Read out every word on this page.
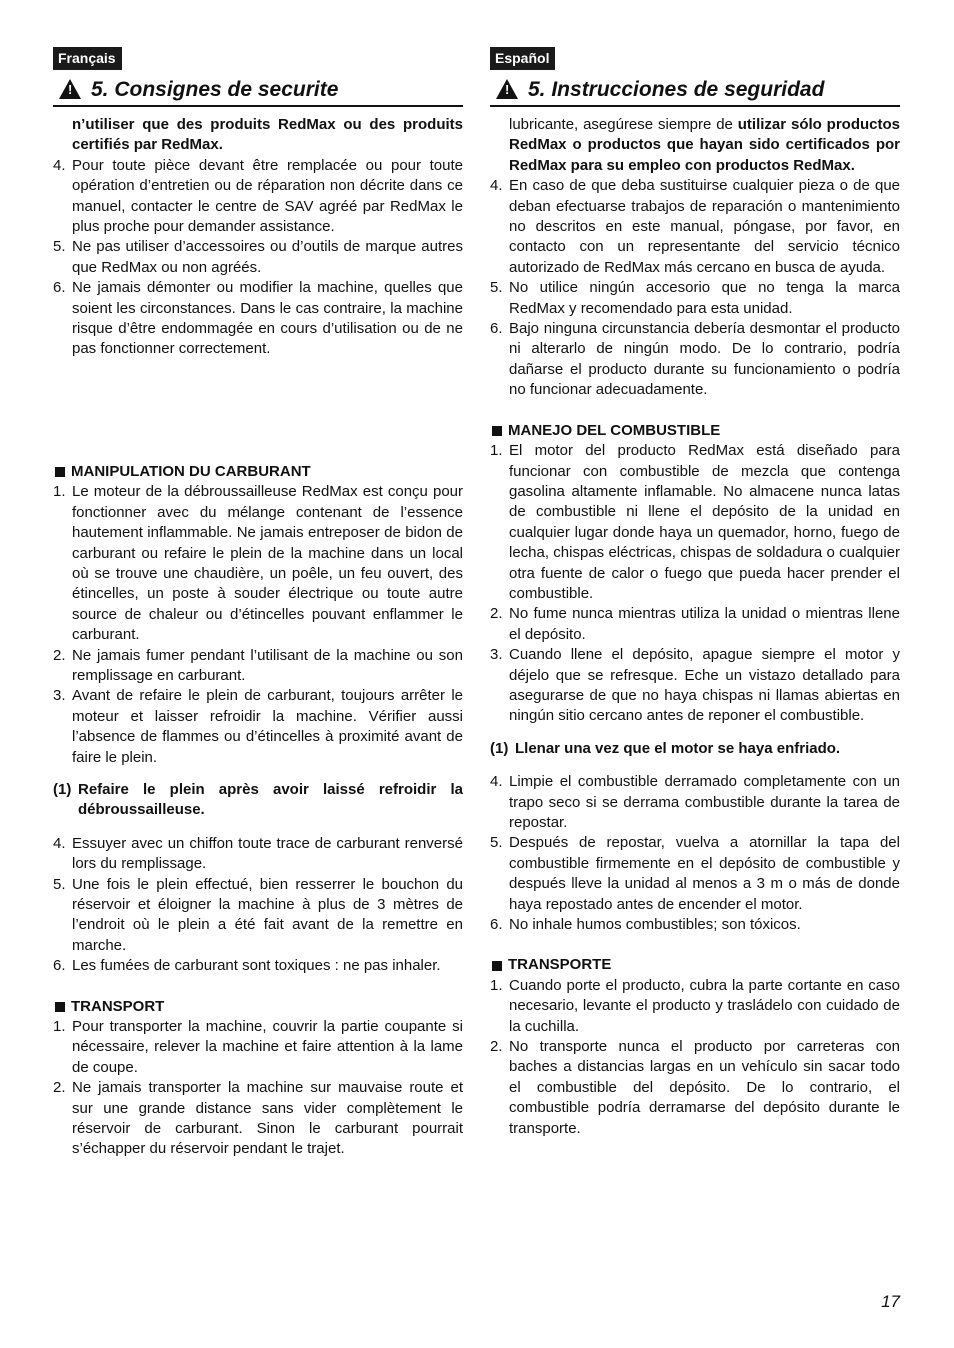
Français
!
5. Consignes de securite
n’utiliser que des produits RedMax ou des produits certifiés par RedMax.
4. Pour toute pièce devant être remplacée ou pour toute opération d’entretien ou de réparation non décrite dans ce manuel, contacter le centre de SAV agréé par RedMax le plus proche pour demander assistance.
5. Ne pas utiliser d’accessoires ou d’outils de marque autres que RedMax ou non agréés.
6. Ne jamais démonter ou modifier la machine, quelles que soient les circonstances. Dans le cas contraire, la machine risque d’être endommagée en cours d’utilisation ou de ne pas fonctionner correctement.
MANIPULATION DU CARBURANT
1. Le moteur de la débroussailleuse RedMax est conçu pour fonctionner avec du mélange contenant de l’essence hautement inflammable. Ne jamais entreposer de bidon de carburant ou refaire le plein de la machine dans un local où se trouve une chaudière, un poêle, un feu ouvert, des étincelles, un poste à souder électrique ou toute autre source de chaleur ou d’étincelles pouvant enflammer le carburant.
2. Ne jamais fumer pendant l’utilisant de la machine ou son remplissage en carburant.
3. Avant de refaire le plein de carburant, toujours arrêter le moteur et laisser refroidir la machine. Vérifier aussi l’absence de flammes ou d’étincelles à proximité avant de faire le plein.
(1) Refaire le plein après avoir laissé refroidir la débroussailleuse.
4. Essuyer avec un chiffon toute trace de carburant renversé lors du remplissage.
5. Une fois le plein effectué, bien resserrer le bouchon du réservoir et éloigner la machine à plus de 3 mètres de l’endroit où le plein a été fait avant de la remettre en marche.
6. Les fumées de carburant sont toxiques : ne pas inhaler.
TRANSPORT
1. Pour transporter la machine, couvrir la partie coupante si nécessaire, relever la machine et faire attention à la lame de coupe.
2. Ne jamais transporter la machine sur mauvaise route et sur une grande distance sans vider complètement le réservoir de carburant. Sinon le carburant pourrait s’échapper du réservoir pendant le trajet.
Español
!
5. Instrucciones de seguridad
lubricante, asegúrese siempre de utilizar sólo productos RedMax o productos que hayan sido certificados por RedMax para su empleo con productos RedMax.
4. En caso de que deba sustituirse cualquier pieza o de que deban efectuarse trabajos de reparación o mantenimiento no descritos en este manual, póngase, por favor, en contacto con un representante del servicio técnico autorizado de RedMax más cercano en busca de ayuda.
5. No utilice ningún accesorio que no tenga la marca RedMax y recomendado para esta unidad.
6. Bajo ninguna circunstancia debería desmontar el producto ni alterarlo de ningún modo. De lo contrario, podría dañarse el producto durante su funcionamiento o podría no funcionar adecuadamente.
MANEJO DEL COMBUSTIBLE
1. El motor del producto RedMax está diseñado para funcionar con combustible de mezcla que contenga gasolina altamente inflamable. No almacene nunca latas de combustible ni llene el depósito de la unidad en cualquier lugar donde haya un quemador, horno, fuego de lecha, chispas eléctricas, chispas de soldadura o cualquier otra fuente de calor o fuego que pueda hacer prender el combustible.
2. No fume nunca mientras utiliza la unidad o mientras llene el depósito.
3. Cuando llene el depósito, apague siempre el motor y déjelo que se refresque. Eche un vistazo detallado para asegurarse de que no haya chispas ni llamas abiertas en ningún sitio cercano antes de reponer el combustible.
(1) Llenar una vez que el motor se haya enfriado.
4. Limpie el combustible derramado completamente con un trapo seco si se derrama combustible durante la tarea de repostar.
5. Después de repostar, vuelva a atornillar la tapa del combustible firmemente en el depósito de combustible y después lleve la unidad al menos a 3 m o más de donde haya repostado antes de encender el motor.
6. No inhale humos combustibles; son tóxicos.
TRANSPORTE
1. Cuando porte el producto, cubra la parte cortante en caso necesario, levante el producto y trasládelo con cuidado de la cuchilla.
2. No transporte nunca el producto por carreteras con baches a distancias largas en un vehículo sin sacar todo el combustible del depósito. De lo contrario, el combustible podría derramarse del depósito durante le transporte.
17
